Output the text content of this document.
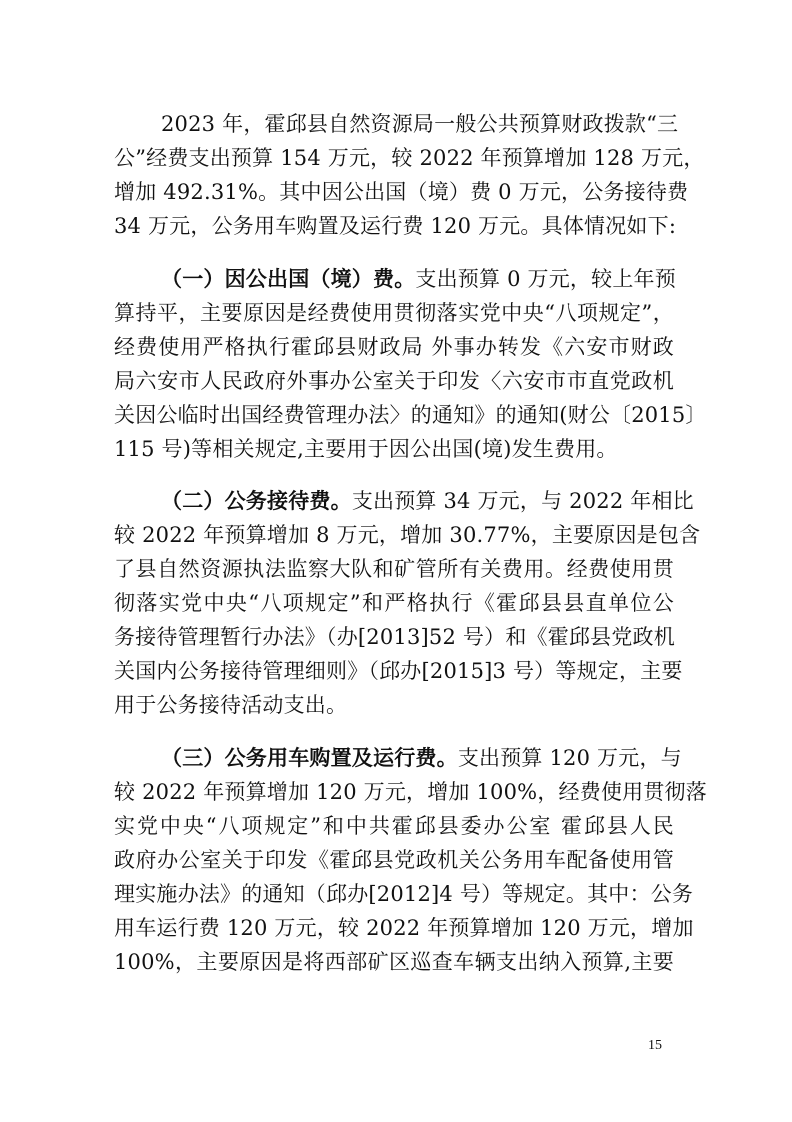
2023 年，霍邱县自然资源局一般公共预算财政拨款“三
公”经费支出预算 154 万元，较 2022 年预算增加 128 万元，
增加 492.31%。其中因公出国（境）费 0 万元，公务接待费
34 万元，公务用车购置及运行费 120 万元。具体情况如下:
（一）因公出国（境）费。支出预算 0 万元，较上年预
算持平，主要原因是经费使用贯彻落实党中央“八项规定”，
经费使用严格执行霍邱县财政局 外事办转发《六安市财政
局六安市人民政府外事办公室关于印发〈六安市市直党政机
关因公临时出国经费管理办法〉的通知》的通知(财公〔2015〕
115 号)等相关规定,主要用于因公出国(境)发生费用。
（二）公务接待费。支出预算 34 万元，与 2022 年相比
较 2022 年预算增加 8 万元，增加 30.77%，主要原因是包含
了县自然资源执法监察大队和矿管所有关费用。经费使用贯
彻落实党中央“八项规定”和严格执行《霍邱县县直单位公
务接待管理暂行办法》（办[2013]52 号）和《霍邱县党政机
关国内公务接待管理细则》（邱办[2015]3 号）等规定，主要
用于公务接待活动支出。
（三）公务用车购置及运行费。支出预算 120 万元，与
较 2022 年预算增加 120 万元，增加 100%，经费使用贯彻落
实党中央“八项规定”和中共霍邱县委办公室 霍邱县人民
政府办公室关于印发《霍邱县党政机关公务用车配备使用管
理实施办法》的通知（邱办[2012]4 号）等规定。其中：公务
用车运行费 120 万元，较 2022 年预算增加 120 万元，增加
100%，主要原因是将西部矿区巡查车辆支出纳入预算,主要
15
